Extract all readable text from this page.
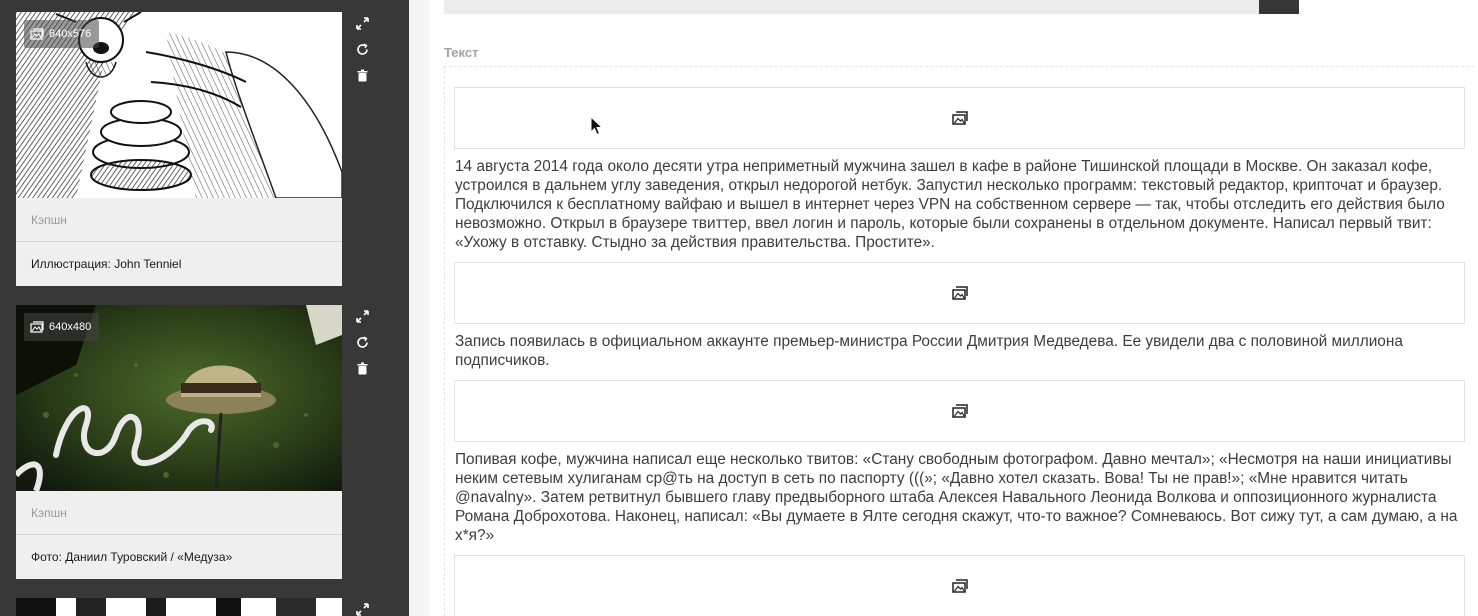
640x576
Кэпшн
Иллюстрация: John Tenniel
640x480
Кэпшн
Фото: Даниил Туровский / «Медуза»
Текст

14 августа 2014 года около десяти утра неприметный мужчина зашел в кафе в районе Тишинской площади в Москве. Он заказал кофе, устроился в дальнем углу заведения, открыл недорогой нетбук. Запустил несколько программ: текстовый редактор, крипточат и браузер. Подключился к бесплатному вайфаю и вышел в интернет через VPN на собственном сервере — так, чтобы отследить его действия было невозможно. Открыл в браузере твиттер, ввел логин и пароль, которые были сохранены в отдельном документе. Написал первый твит: «Ухожу в отставку. Стыдно за действия правительства. Простите».

Запись появилась в официальном аккаунте премьер-министра России Дмитрия Медведева. Ее увидели два с половиной миллиона подписчиков.

Попивая кофе, мужчина написал еще несколько твитов: «Стану свободным фотографом. Давно мечтал»; «Несмотря на наши инициативы неким сетевым хулиганам ср@ть на доступ в сеть по паспорту (((»; «Давно хотел сказать. Вова! Ты не прав!»; «Мне нравится читать @navalny». Затем ретвитнул бывшего главу предвыборного штаба Алексея Навального Леонида Волкова и оппозиционного журналиста Романа Доброхотова. Наконец, написал: «Вы думаете в Ялте сегодня скажут, что-то важное? Сомневаюсь. Вот сижу тут, а сам думаю, а на х*я?»
